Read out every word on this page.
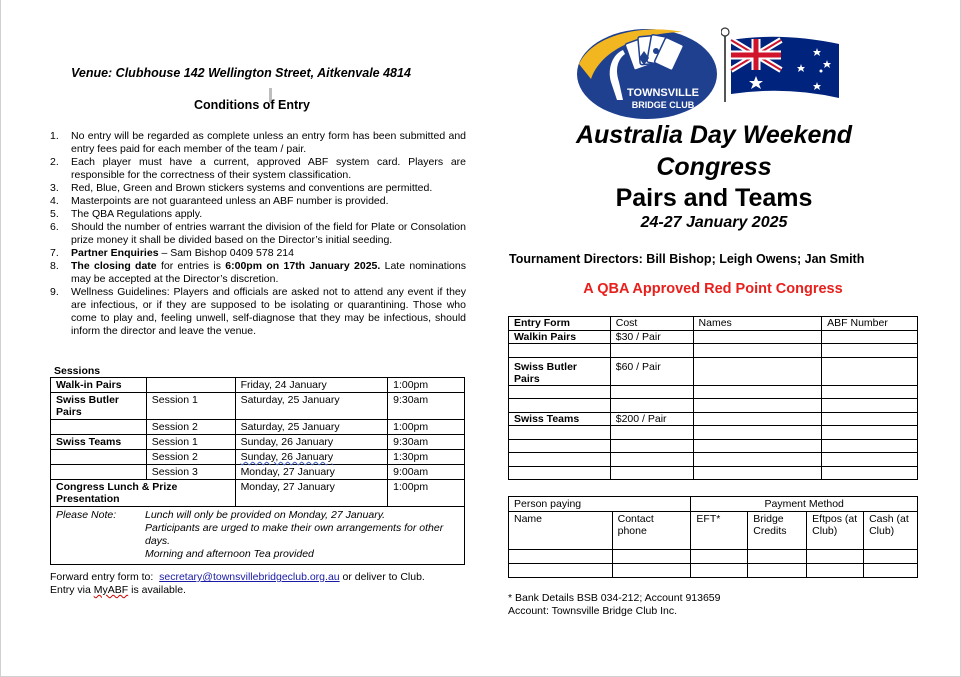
Venue: Clubhouse 142 Wellington Street, Aitkenvale 4814
Conditions of Entry
1. No entry will be regarded as complete unless an entry form has been submitted and entry fees paid for each member of the team / pair.
2. Each player must have a current, approved ABF system card. Players are responsible for the correctness of their system classification.
3. Red, Blue, Green and Brown stickers systems and conventions are permitted.
4. Masterpoints are not guaranteed unless an ABF number is provided.
5. The QBA Regulations apply.
6. Should the number of entries warrant the division of the field for Plate or Consolation prize money it shall be divided based on the Director’s initial seeding.
7. Partner Enquiries – Sam Bishop 0409 578 214
8. The closing date for entries is 6:00pm on 17th January 2025. Late nominations may be accepted at the Director’s discretion.
9. Wellness Guidelines: Players and officials are asked not to attend any event if they are infectious, or if they are supposed to be isolating or quarantining. Those who come to play and, feeling unwell, self-diagnose that they may be infectious, should inform the director and leave the venue.
Sessions
Walk-in Pairs		Friday, 24 January	1:00pm
Swiss Butler Pairs	Session 1	Saturday, 25 January	9:30am
	Session 2	Saturday, 25 January	1:00pm
Swiss Teams	Session 1	Sunday, 26 January	9:30am
	Session 2	Sunday, 26 January	1:30pm
	Session 3	Monday, 27 January	9:00am
Congress Lunch & Prize Presentation		Monday, 27 January	1:00pm

Please Note: Lunch will only be provided on Monday, 27 January.
Participants are urged to make their own arrangements for other days.
Morning and afternoon Tea provided			
Forward entry form to:  secretary@townsvillebridgeclub.org.au or deliver to Club.
Entry via MyABF is available.
TOWNSVILLE
BRIDGE CLUB
Australia Day Weekend
Congress
Pairs and Teams
24-27 January 2025
Tournament Directors: Bill Bishop; Leigh Owens; Jan Smith
A QBA Approved Red Point Congress
Entry Form	Cost	Names	ABF Number
Walkin Pairs	$30 / Pair		

Swiss Butler Pairs	$60 / Pair		

Swiss Teams	$200 / Pair		

Person paying		Payment Method			
Name	Contact phone	EFT*	Bridge Credits	Eftpos (at Club)	Cash (at Club)

* Bank Details BSB 034-212; Account 913659
Account: Townsville Bridge Club Inc.
